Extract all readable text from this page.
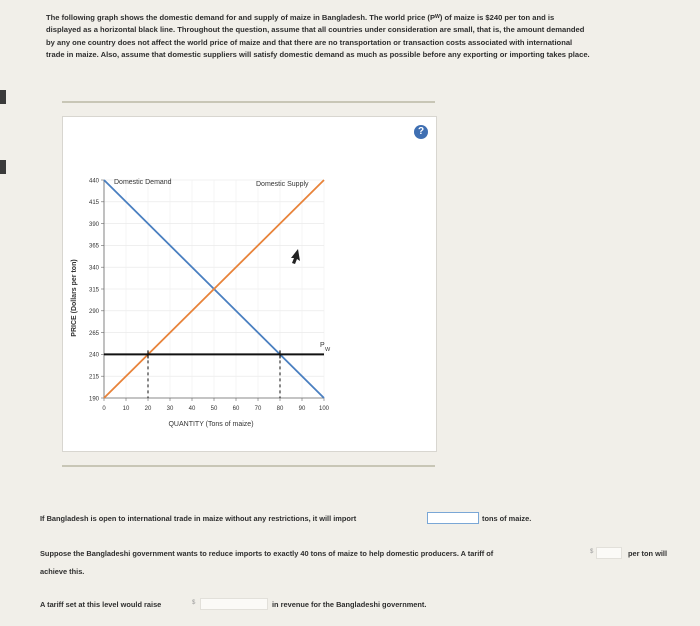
The following graph shows the domestic demand for and supply of maize in Bangladesh. The world price (Pᵂ) of maize is $240 per ton and is
displayed as a horizontal black line. Throughout the question, assume that all countries under consideration are small, that is, the amount demanded
by any one country does not affect the world price of maize and that there are no transportation or transaction costs associated with international
trade in maize. Also, assume that domestic suppliers will satisfy domestic demand as much as possible before any exporting or importing takes place.
190
215
240
265
290
315
340
365
390
415
440
0	10	20	30	40	50	60	70	80	90 100
PRICE (Dollars per ton)
QUANTITY (Tons of maize)
Domestic Demand	Domestic Supply
P
W
?
If Bangladesh is open to international trade in maize without any restrictions, it will import	tons of maize.
Suppose the Bangladeshi government wants to reduce imports to exactly 40 tons of maize to help domestic producers. A tariff of	$	per ton will
achieve this.
A tariff set at this level would raise	$	in revenue for the Bangladeshi government.
